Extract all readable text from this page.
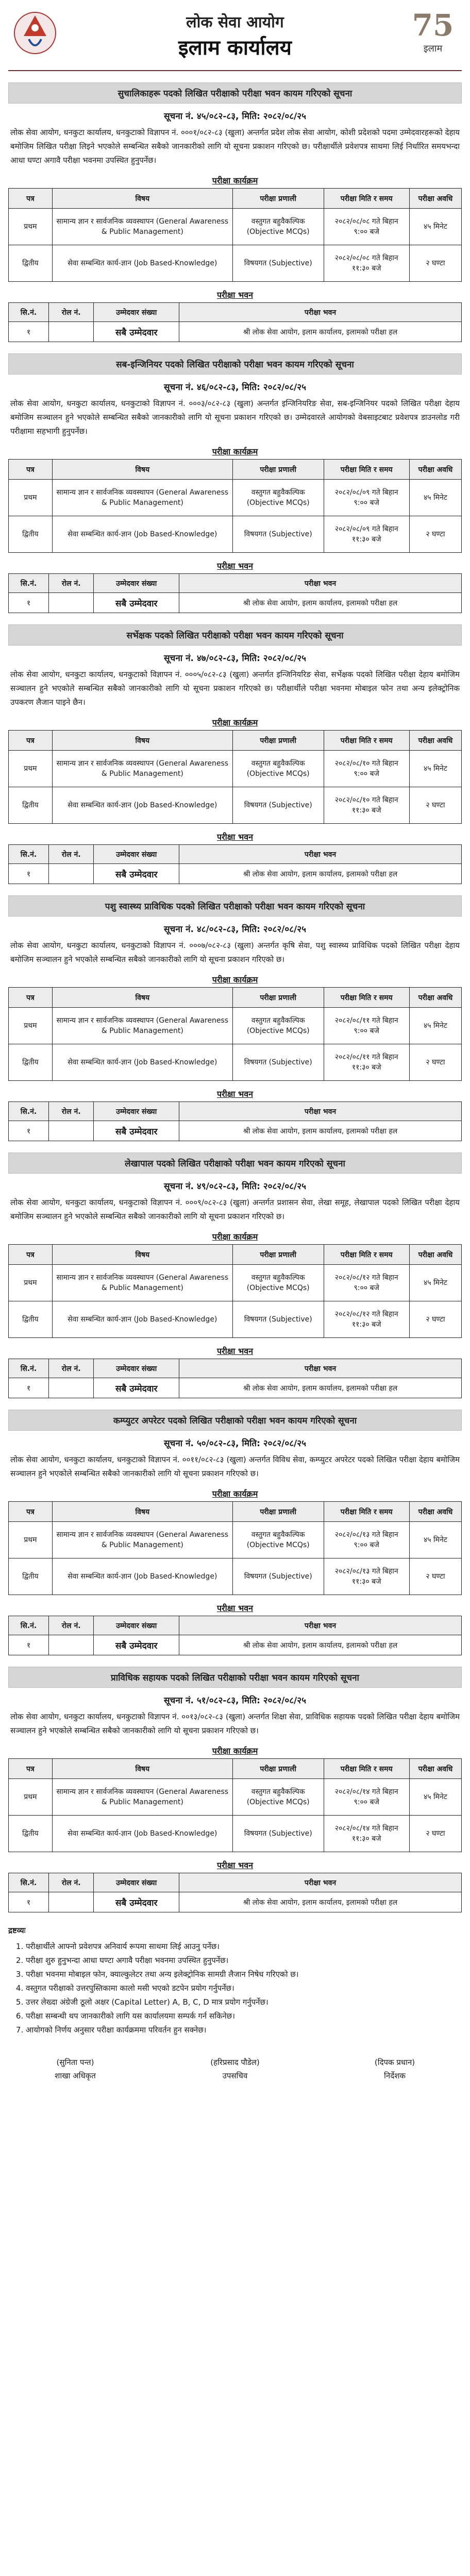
लोक सेवा आयोग
इलाम कार्यालय
75
इलाम
सुचालिकाहरू पदको लिखित परीक्षाको परीक्षा भवन कायम गरिएको सूचना
सूचना नं. ४५/०८२-८३, मिति: २०८२/०८/२५
लोक सेवा आयोग, धनकुटा कार्यालय, धनकुटाको विज्ञापन नं. ०००१/०८२-८३ (खुला) अन्तर्गत प्रदेश लोक सेवा आयोग, कोशी प्रदेशको पदमा उम्मेदवारहरूको देहाय बमोजिम लिखित परीक्षा लिइने भएकोले सम्बन्धित सबैको जानकारीको लागि यो सूचना प्रकाशन गरिएको छ। परीक्षार्थीले प्रवेशपत्र साथमा लिई निर्धारित समयभन्दा आधा घण्टा अगावै परीक्षा भवनमा उपस्थित हुनुपर्नेछ।
परीक्षा कार्यक्रम
पत्र	विषय	परीक्षा प्रणाली	परीक्षा मिति र समय	परीक्षा अवधि
प्रथम	सामान्य ज्ञान र सार्वजनिक व्यवस्थापन (General Awareness & Public Management)	वस्तुगत बहुवैकल्पिक (Objective MCQs)	२०८२/०८/०८ गते बिहान ९:०० बजे	४५ मिनेट
द्वितीय	सेवा सम्बन्धित कार्य-ज्ञान (Job Based-Knowledge)	विषयगत (Subjective)	२०८२/०८/०८ गते बिहान ११:३० बजे	२ घण्टा
परीक्षा भवन
सि.नं.	रोल नं.	उम्मेदवार संख्या	परीक्षा भवन
१		सबै उम्मेदवार	श्री लोक सेवा आयोग, इलाम कार्यालय, इलामको परीक्षा हल
सब-इन्जिनियर पदको लिखित परीक्षाको परीक्षा भवन कायम गरिएको सूचना
सूचना नं. ४६/०८२-८३, मिति: २०८२/०८/२५
लोक सेवा आयोग, धनकुटा कार्यालय, धनकुटाको विज्ञापन नं. ०००३/०८२-८३ (खुला) अन्तर्गत इन्जिनियरिङ सेवा, सब-इन्जिनियर पदको लिखित परीक्षा देहाय बमोजिम सञ्चालन हुने भएकोले सम्बन्धित सबैको जानकारीको लागि यो सूचना प्रकाशन गरिएको छ। उम्मेदवारले आयोगको वेबसाइटबाट प्रवेशपत्र डाउनलोड गरी परीक्षामा सहभागी हुनुपर्नेछ।
परीक्षा कार्यक्रम
पत्र	विषय	परीक्षा प्रणाली	परीक्षा मिति र समय	परीक्षा अवधि
प्रथम	सामान्य ज्ञान र सार्वजनिक व्यवस्थापन (General Awareness & Public Management)	वस्तुगत बहुवैकल्पिक (Objective MCQs)	२०८२/०८/०९ गते बिहान ९:०० बजे	४५ मिनेट
द्वितीय	सेवा सम्बन्धित कार्य-ज्ञान (Job Based-Knowledge)	विषयगत (Subjective)	२०८२/०८/०९ गते बिहान ११:३० बजे	२ घण्टा
परीक्षा भवन
सि.नं.	रोल नं.	उम्मेदवार संख्या	परीक्षा भवन
१		सबै उम्मेदवार	श्री लोक सेवा आयोग, इलाम कार्यालय, इलामको परीक्षा हल
सर्भेक्षक पदको लिखित परीक्षाको परीक्षा भवन कायम गरिएको सूचना
सूचना नं. ४७/०८२-८३, मिति: २०८२/०८/२५
लोक सेवा आयोग, धनकुटा कार्यालय, धनकुटाको विज्ञापन नं. ०००५/०८२-८३ (खुला) अन्तर्गत इन्जिनियरिङ सेवा, सर्भेक्षक पदको लिखित परीक्षा देहाय बमोजिम सञ्चालन हुने भएकोले सम्बन्धित सबैको जानकारीको लागि यो सूचना प्रकाशन गरिएको छ। परीक्षार्थीले परीक्षा भवनमा मोबाइल फोन तथा अन्य इलेक्ट्रोनिक उपकरण लैजान पाइने छैन।
परीक्षा कार्यक्रम
पत्र	विषय	परीक्षा प्रणाली	परीक्षा मिति र समय	परीक्षा अवधि
प्रथम	सामान्य ज्ञान र सार्वजनिक व्यवस्थापन (General Awareness & Public Management)	वस्तुगत बहुवैकल्पिक (Objective MCQs)	२०८२/०८/१० गते बिहान ९:०० बजे	४५ मिनेट
द्वितीय	सेवा सम्बन्धित कार्य-ज्ञान (Job Based-Knowledge)	विषयगत (Subjective)	२०८२/०८/१० गते बिहान ११:३० बजे	२ घण्टा
परीक्षा भवन
सि.नं.	रोल नं.	उम्मेदवार संख्या	परीक्षा भवन
१		सबै उम्मेदवार	श्री लोक सेवा आयोग, इलाम कार्यालय, इलामको परीक्षा हल
पशु स्वास्थ्य प्राविधिक पदको लिखित परीक्षाको परीक्षा भवन कायम गरिएको सूचना
सूचना नं. ४८/०८२-८३, मिति: २०८२/०८/२५
लोक सेवा आयोग, धनकुटा कार्यालय, धनकुटाको विज्ञापन नं. ०००७/०८२-८३ (खुला) अन्तर्गत कृषि सेवा, पशु स्वास्थ्य प्राविधिक पदको लिखित परीक्षा देहाय बमोजिम सञ्चालन हुने भएकोले सम्बन्धित सबैको जानकारीको लागि यो सूचना प्रकाशन गरिएको छ।
परीक्षा कार्यक्रम
पत्र	विषय	परीक्षा प्रणाली	परीक्षा मिति र समय	परीक्षा अवधि
प्रथम	सामान्य ज्ञान र सार्वजनिक व्यवस्थापन (General Awareness & Public Management)	वस्तुगत बहुवैकल्पिक (Objective MCQs)	२०८२/०८/११ गते बिहान ९:०० बजे	४५ मिनेट
द्वितीय	सेवा सम्बन्धित कार्य-ज्ञान (Job Based-Knowledge)	विषयगत (Subjective)	२०८२/०८/११ गते बिहान ११:३० बजे	२ घण्टा
परीक्षा भवन
सि.नं.	रोल नं.	उम्मेदवार संख्या	परीक्षा भवन
१		सबै उम्मेदवार	श्री लोक सेवा आयोग, इलाम कार्यालय, इलामको परीक्षा हल
लेखापाल पदको लिखित परीक्षाको परीक्षा भवन कायम गरिएको सूचना
सूचना नं. ४९/०८२-८३, मिति: २०८२/०८/२५
लोक सेवा आयोग, धनकुटा कार्यालय, धनकुटाको विज्ञापन नं. ०००९/०८२-८३ (खुला) अन्तर्गत प्रशासन सेवा, लेखा समूह, लेखापाल पदको लिखित परीक्षा देहाय बमोजिम सञ्चालन हुने भएकोले सम्बन्धित सबैको जानकारीको लागि यो सूचना प्रकाशन गरिएको छ।
परीक्षा कार्यक्रम
पत्र	विषय	परीक्षा प्रणाली	परीक्षा मिति र समय	परीक्षा अवधि
प्रथम	सामान्य ज्ञान र सार्वजनिक व्यवस्थापन (General Awareness & Public Management)	वस्तुगत बहुवैकल्पिक (Objective MCQs)	२०८२/०८/१२ गते बिहान ९:०० बजे	४५ मिनेट
द्वितीय	सेवा सम्बन्धित कार्य-ज्ञान (Job Based-Knowledge)	विषयगत (Subjective)	२०८२/०८/१२ गते बिहान ११:३० बजे	२ घण्टा
परीक्षा भवन
सि.नं.	रोल नं.	उम्मेदवार संख्या	परीक्षा भवन
१		सबै उम्मेदवार	श्री लोक सेवा आयोग, इलाम कार्यालय, इलामको परीक्षा हल
कम्प्युटर अपरेटर पदको लिखित परीक्षाको परीक्षा भवन कायम गरिएको सूचना
सूचना नं. ५०/०८२-८३, मिति: २०८२/०८/२५
लोक सेवा आयोग, धनकुटा कार्यालय, धनकुटाको विज्ञापन नं. ००११/०८२-८३ (खुला) अन्तर्गत विविध सेवा, कम्प्युटर अपरेटर पदको लिखित परीक्षा देहाय बमोजिम सञ्चालन हुने भएकोले सम्बन्धित सबैको जानकारीको लागि यो सूचना प्रकाशन गरिएको छ।
परीक्षा कार्यक्रम
पत्र	विषय	परीक्षा प्रणाली	परीक्षा मिति र समय	परीक्षा अवधि
प्रथम	सामान्य ज्ञान र सार्वजनिक व्यवस्थापन (General Awareness & Public Management)	वस्तुगत बहुवैकल्पिक (Objective MCQs)	२०८२/०८/१३ गते बिहान ९:०० बजे	४५ मिनेट
द्वितीय	सेवा सम्बन्धित कार्य-ज्ञान (Job Based-Knowledge)	विषयगत (Subjective)	२०८२/०८/१३ गते बिहान ११:३० बजे	२ घण्टा
परीक्षा भवन
सि.नं.	रोल नं.	उम्मेदवार संख्या	परीक्षा भवन
१		सबै उम्मेदवार	श्री लोक सेवा आयोग, इलाम कार्यालय, इलामको परीक्षा हल
प्राविधिक सहायक पदको लिखित परीक्षाको परीक्षा भवन कायम गरिएको सूचना
सूचना नं. ५१/०८२-८३, मिति: २०८२/०८/२५
लोक सेवा आयोग, धनकुटा कार्यालय, धनकुटाको विज्ञापन नं. ००१३/०८२-८३ (खुला) अन्तर्गत शिक्षा सेवा, प्राविधिक सहायक पदको लिखित परीक्षा देहाय बमोजिम सञ्चालन हुने भएकोले सम्बन्धित सबैको जानकारीको लागि यो सूचना प्रकाशन गरिएको छ।
परीक्षा कार्यक्रम
पत्र	विषय	परीक्षा प्रणाली	परीक्षा मिति र समय	परीक्षा अवधि
प्रथम	सामान्य ज्ञान र सार्वजनिक व्यवस्थापन (General Awareness & Public Management)	वस्तुगत बहुवैकल्पिक (Objective MCQs)	२०८२/०८/१४ गते बिहान ९:०० बजे	४५ मिनेट
द्वितीय	सेवा सम्बन्धित कार्य-ज्ञान (Job Based-Knowledge)	विषयगत (Subjective)	२०८२/०८/१४ गते बिहान ११:३० बजे	२ घण्टा
परीक्षा भवन
सि.नं.	रोल नं.	उम्मेदवार संख्या	परीक्षा भवन
१		सबै उम्मेदवार	श्री लोक सेवा आयोग, इलाम कार्यालय, इलामको परीक्षा हल
द्रष्टव्यः
1. परीक्षार्थीले आफ्नो प्रवेशपत्र अनिवार्य रूपमा साथमा लिई आउनु पर्नेछ।
2. परीक्षा शुरु हुनुभन्दा आधा घण्टा अगावै परीक्षा भवनमा उपस्थित हुनुपर्नेछ।
3. परीक्षा भवनमा मोबाइल फोन, क्याल्कुलेटर तथा अन्य इलेक्ट्रोनिक सामग्री लैजान निषेध गरिएको छ।
4. वस्तुगत परीक्षाको उत्तरपुस्तिकामा कालो मसी भएको डटपेन प्रयोग गर्नुपर्नेछ।
5. उत्तर लेख्दा अंग्रेजी ठूलो अक्षर (Capital Letter) A, B, C, D मात्र प्रयोग गर्नुपर्नेछ।
6. परीक्षा सम्बन्धी थप जानकारीको लागि यस कार्यालयमा सम्पर्क गर्न सकिनेछ।
7. आयोगको निर्णय अनुसार परीक्षा कार्यक्रममा परिवर्तन हुन सक्नेछ।
(सुनिता पन्त)
शाखा अधिकृत
(हरिप्रसाद पौडेल)
उपसचिव
(दिपक प्रधान)
निर्देशक
